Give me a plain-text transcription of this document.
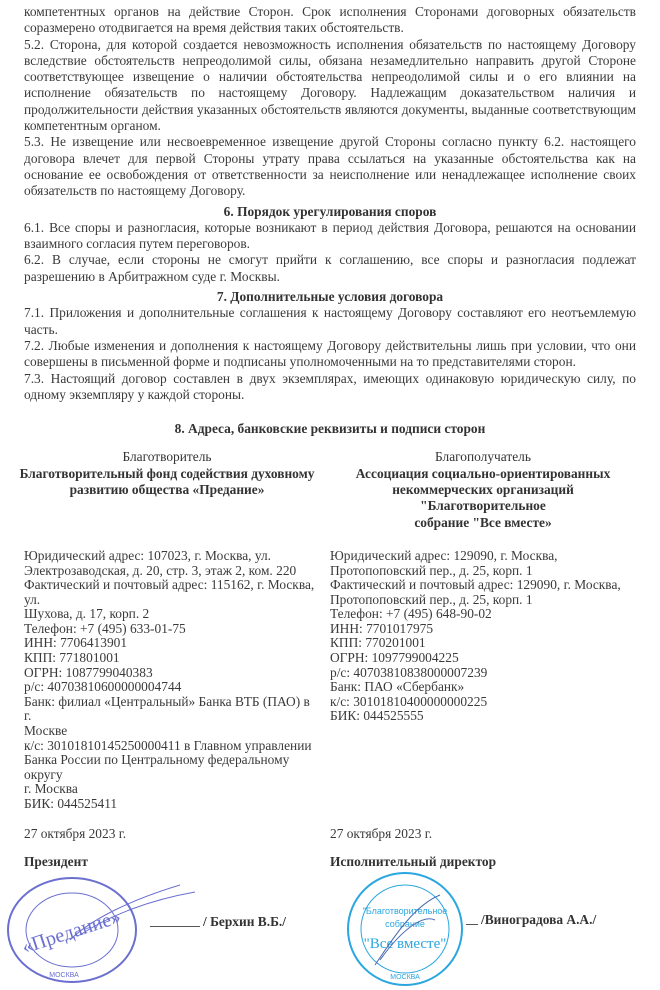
компетентных органов на действие Сторон. Срок исполнения Сторонами договорных обязательств соразмерено отодвигается на время действия таких обстоятельств.

5.2. Сторона, для которой создается невозможность исполнения обязательств по настоящему Договору вследствие обстоятельств непреодолимой силы, обязана незамедлительно направить другой Стороне соответствующее извещение о наличии обстоятельства непреодолимой силы и о его влиянии на исполнение обязательств по настоящему Договору. Надлежащим доказательством наличия и продолжительности действия указанных обстоятельств являются документы, выданные соответствующим компетентным органом.

5.3. Не извещение или несвоевременное извещение другой Стороны согласно пункту 6.2. настоящего договора влечет для первой Стороны утрату права ссылаться на указанные обстоятельства как на основание ее освобождения от ответственности за неисполнение или ненадлежащее исполнение своих обязательств по настоящему Договору.

6. Порядок урегулирования споров

6.1. Все споры и разногласия, которые возникают в период действия Договора, решаются на основании взаимного согласия путем переговоров.

6.2. В случае, если стороны не смогут прийти к соглашению, все споры и разногласия подлежат разрешению в Арбитражном суде г. Москвы.

7. Дополнительные условия договора

7.1. Приложения и дополнительные соглашения к настоящему Договору составляют его неотъемлемую часть.

7.2. Любые изменения и дополнения к настоящему Договору действительны лишь при условии, что они совершены в письменной форме и подписаны уполномоченными на то представителями сторон.

7.3. Настоящий договор составлен в двух экземплярах, имеющих одинаковую юридическую силу, по одному экземпляру у каждой стороны.

8. Адреса, банковские реквизиты и подписи сторон
Благотворитель
Благотворительный фонд содействия духовному
развитию общества «Предание»
Благополучатель
Ассоциация социально-ориентированных
некоммерческих организаций "Благотворительное
собрание "Все вместе»
Юридический адрес: 107023, г. Москва, ул.
Электрозаводская, д. 20, стр. 3, этаж 2, ком. 220
Фактический и почтовый адрес: 115162, г. Москва, ул.
Шухова, д. 17, корп. 2
Телефон: +7 (495) 633-01-75
ИНН: 7706413901
КПП: 771801001
ОГРН: 1087799040383
р/с: 40703810600000004744
Банк: филиал «Центральный» Банка ВТБ (ПАО) в г.
Москве
к/с: 30101810145250000411 в Главном управлении
Банка России по Центральному федеральному округу
г. Москва
БИК: 044525411
Юридический адрес: 129090, г. Москва,
Протопоповский пер., д. 25, корп. 1
Фактический и почтовый адрес: 129090, г. Москва,
Протопоповский пер., д. 25, корп. 1
Телефон: +7 (495) 648-90-02
ИНН: 7701017975
КПП: 770201001
ОГРН: 1097799004225
р/с: 40703810838000007239
Банк: ПАО «Сбербанк»
к/с: 30101810400000000225
БИК: 044525555
27 октября 2023 г.	27 октября 2023 г.
Президент	Исполнительный директор
«Предание»
МОСКВА
/ Берхин В.Б./
"Благотворительное
собрание
"Все вместе"
МОСКВА
/Виноградова А.А./
